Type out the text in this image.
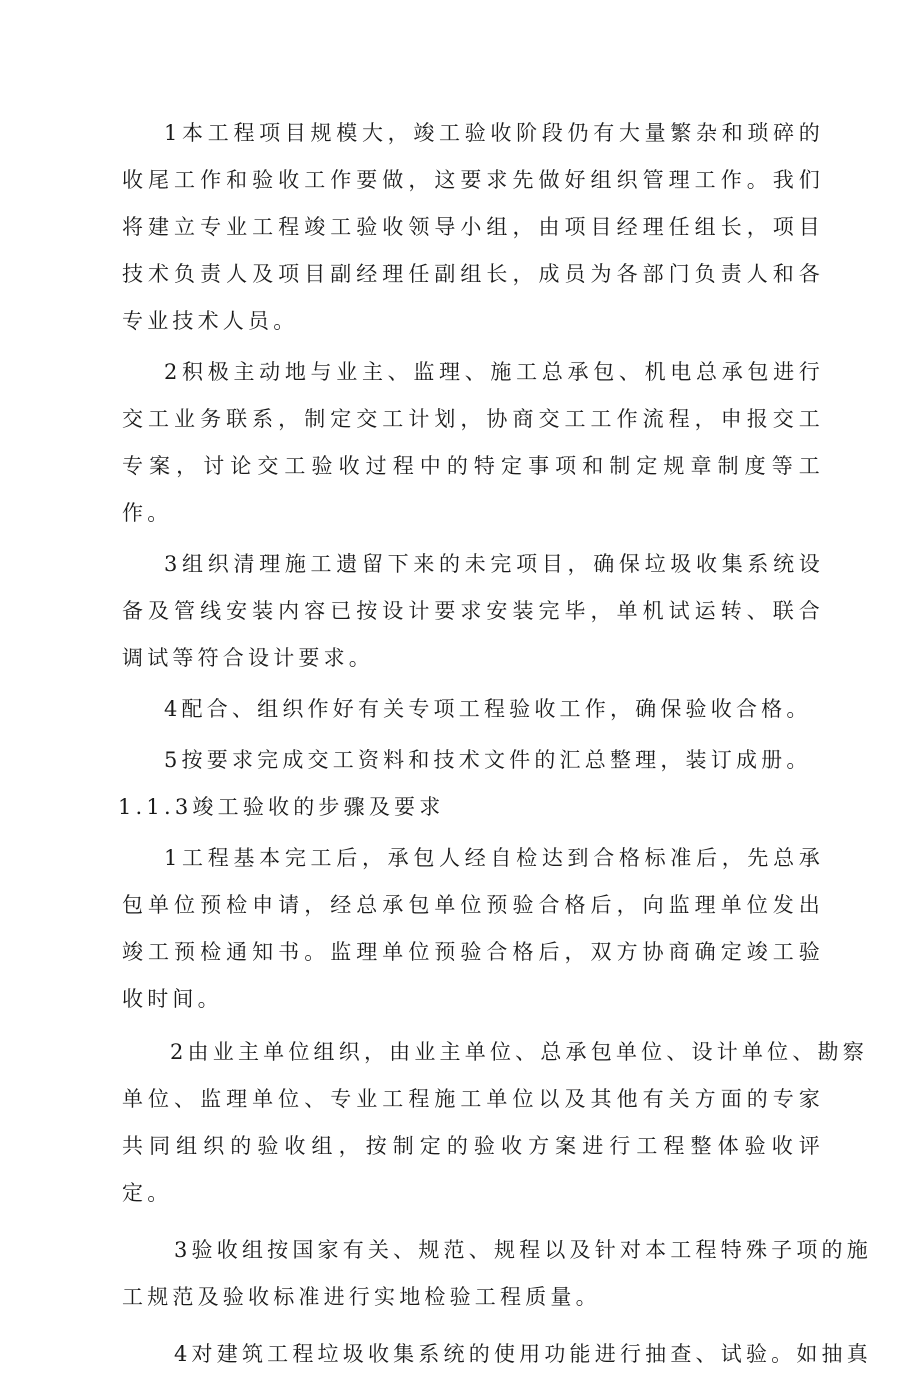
1本工程项目规模大，竣工验收阶段仍有大量繁杂和琐碎的收尾工作和验收工作要做，这要求先做好组织管理工作。我们将建立专业工程竣工验收领导小组，由项目经理任组长，项目技术负责人及项目副经理任副组长，成员为各部门负责人和各专业技术人员。

2积极主动地与业主、监理、施工总承包、机电总承包进行交工业务联系，制定交工计划，协商交工工作流程，申报交工专案，讨论交工验收过程中的特定事项和制定规章制度等工作。

3组织清理施工遗留下来的未完项目，确保垃圾收集系统设备及管线安装内容已按设计要求安装完毕，单机试运转、联合调试等符合设计要求。

4配合、组织作好有关专项工程验收工作，确保验收合格。

5按要求完成交工资料和技术文件的汇总整理，装订成册。

1.1.3竣工验收的步骤及要求

1工程基本完工后，承包人经自检达到合格标准后，先总承包单位预检申请，经总承包单位预验合格后，向监理单位发出竣工预检通知书。监理单位预验合格后，双方协商确定竣工验收时间。

2由业主单位组织，由业主单位、总承包单位、设计单位、勘察

单位、监理单位、专业工程施工单位以及其他有关方面的专家共同组织的验收组，按制定的验收方案进行工程整体验收评定。

3验收组按国家有关、规范、规程以及针对本工程特殊子项的施

工规范及验收标准进行实地检验工程质量。

4对建筑工程垃圾收集系统的使用功能进行抽查、试验。如抽真
